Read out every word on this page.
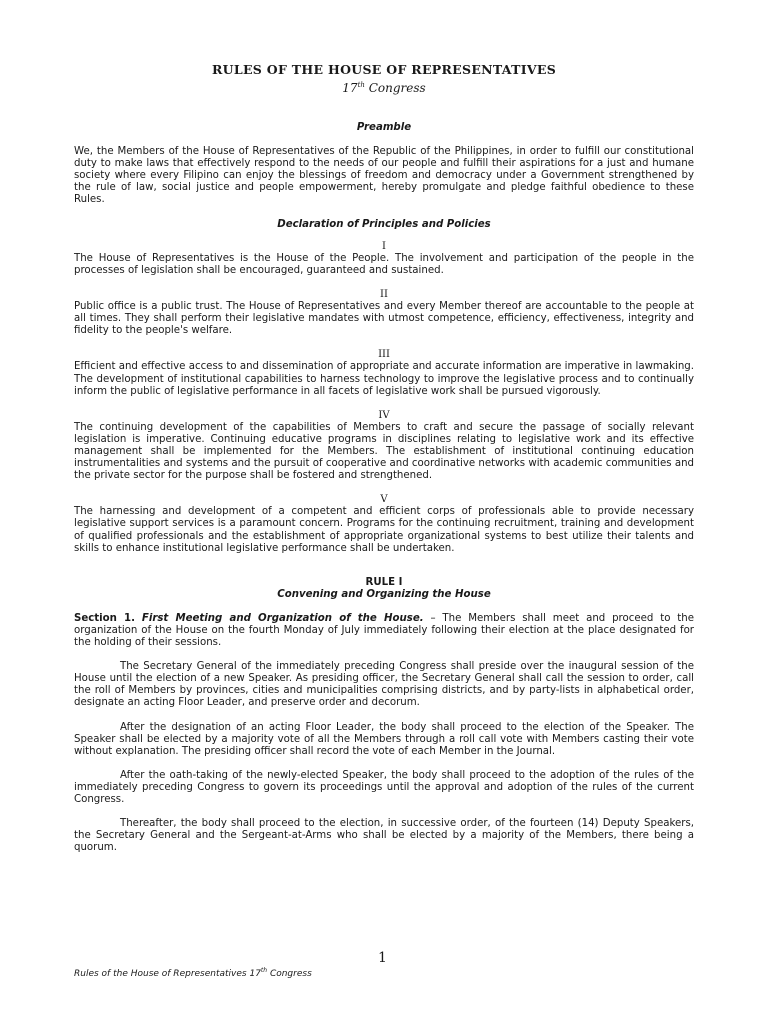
RULES OF THE HOUSE OF REPRESENTATIVES

17th Congress

Preamble

We, the Members of the House of Representatives of the Republic of the Philippines, in order to fulfill our constitutional duty to make laws that effectively respond to the needs of our people and fulfill their aspirations for a just and humane society where every Filipino can enjoy the blessings of freedom and democracy under a Government strengthened by the rule of law, social justice and people empowerment, hereby promulgate and pledge faithful obedience to these Rules.

Declaration of Principles and Policies

I

The House of Representatives is the House of the People. The involvement and participation of the people in the processes of legislation shall be encouraged, guaranteed and sustained.

II

Public office is a public trust. The House of Representatives and every Member thereof are accountable to the people at all times. They shall perform their legislative mandates with utmost competence, efficiency, effectiveness, integrity and fidelity to the people's welfare.

III

Efficient and effective access to and dissemination of appropriate and accurate information are imperative in lawmaking. The development of institutional capabilities to harness technology to improve the legislative process and to continually inform the public of legislative performance in all facets of legislative work shall be pursued vigorously.

IV

The continuing development of the capabilities of Members to craft and secure the passage of socially relevant legislation is imperative. Continuing educative programs in disciplines relating to legislative work and its effective management shall be implemented for the Members. The establishment of institutional continuing education instrumentalities and systems and the pursuit of cooperative and coordinative networks with academic communities and the private sector for the purpose shall be fostered and strengthened.

V

The harnessing and development of a competent and efficient corps of professionals able to provide necessary legislative support services is a paramount concern. Programs for the continuing recruitment, training and development of qualified professionals and the establishment of appropriate organizational systems to best utilize their talents and skills to enhance institutional legislative performance shall be undertaken.

RULE I

Convening and Organizing the House

Section 1. First Meeting and Organization of the House. – The Members shall meet and proceed to the organization of the House on the fourth Monday of July immediately following their election at the place designated for the holding of their sessions.

The Secretary General of the immediately preceding Congress shall preside over the inaugural session of the House until the election of a new Speaker. As presiding officer, the Secretary General shall call the session to order, call the roll of Members by provinces, cities and municipalities comprising districts, and by party-lists in alphabetical order, designate an acting Floor Leader, and preserve order and decorum.

After the designation of an acting Floor Leader, the body shall proceed to the election of the Speaker. The Speaker shall be elected by a majority vote of all the Members through a roll call vote with Members casting their vote without explanation. The presiding officer shall record the vote of each Member in the Journal.

After the oath-taking of the newly-elected Speaker, the body shall proceed to the adoption of the rules of the immediately preceding Congress to govern its proceedings until the approval and adoption of the rules of the current Congress.

Thereafter, the body shall proceed to the election, in successive order, of the fourteen (14) Deputy Speakers, the Secretary General and the Sergeant-at-Arms who shall be elected by a majority of the Members, there being a quorum.

1
Rules of the House of Representatives 17th Congress
